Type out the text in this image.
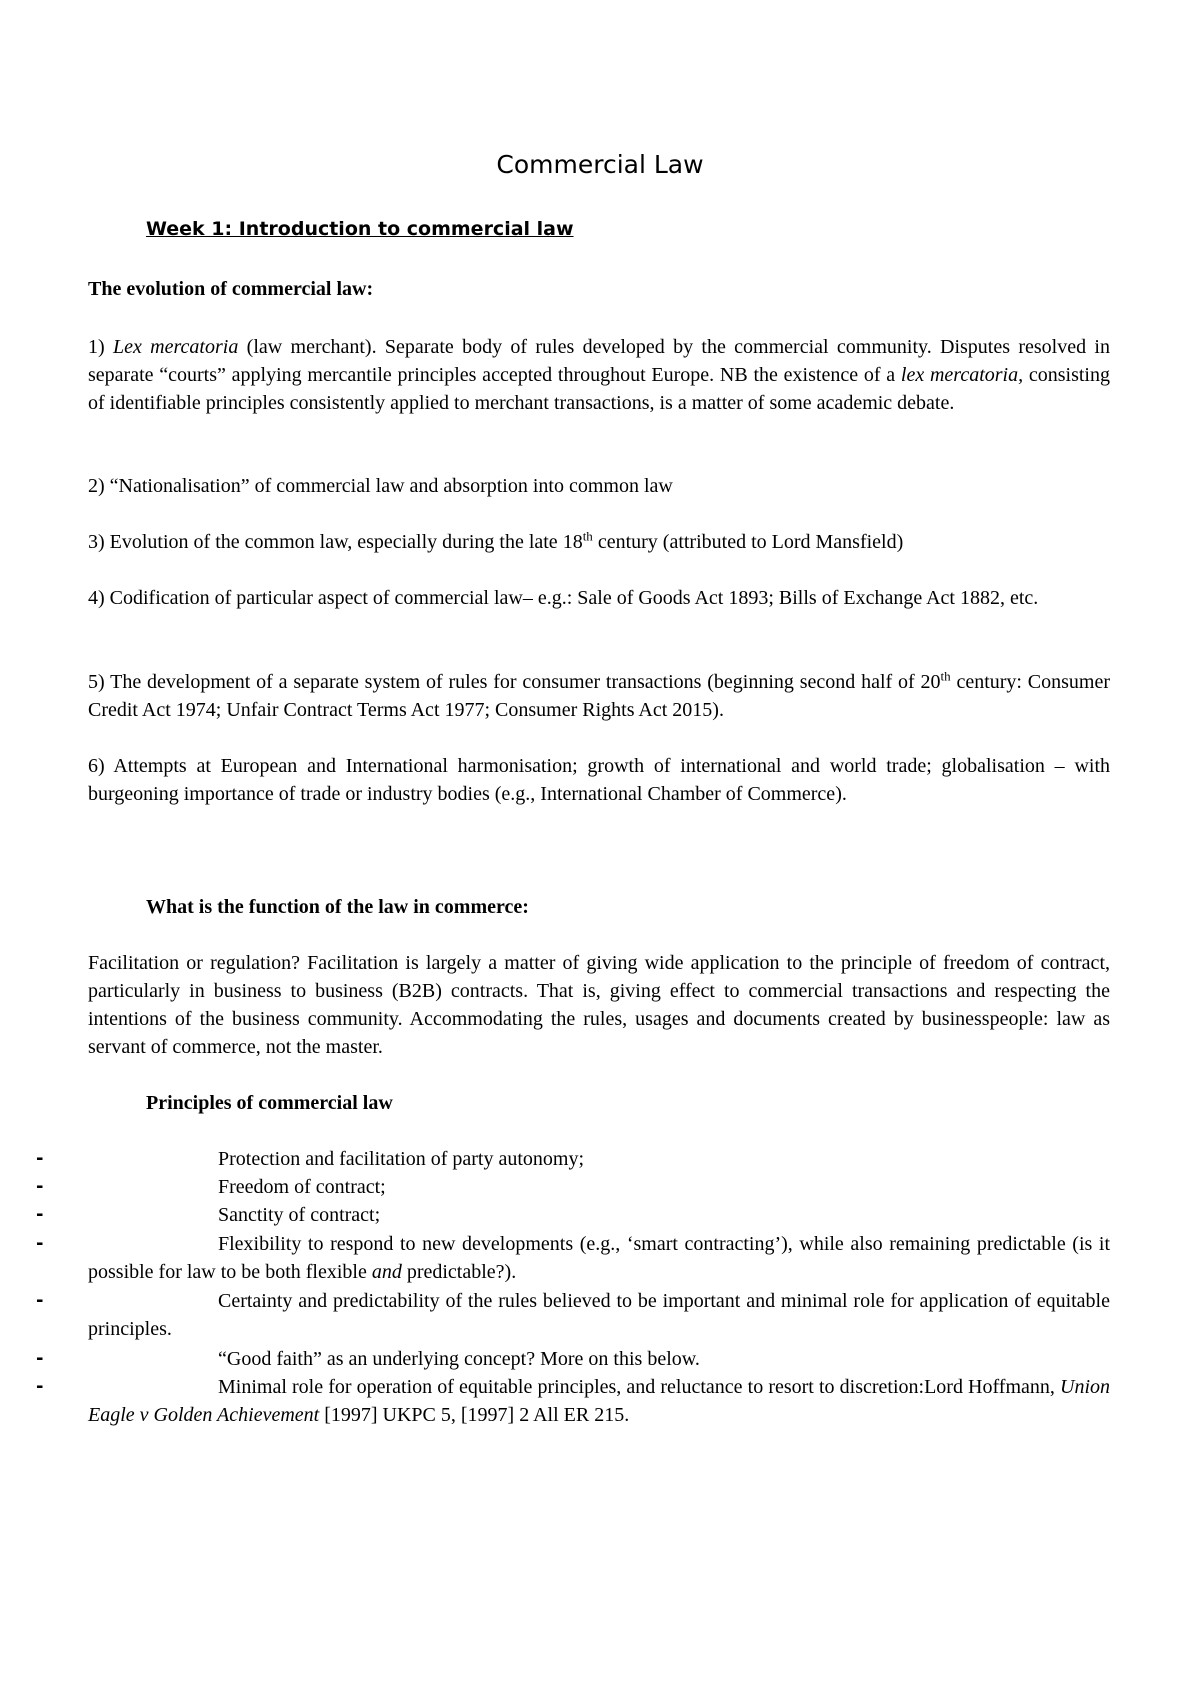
Commercial Law
Week 1: Introduction to commercial law
The evolution of commercial law:

1) Lex mercatoria (law merchant). Separate body of rules developed by the commercial community. Disputes resolved in separate “courts” applying mercantile principles accepted throughout Europe. NB the existence of a lex mercatoria, consisting of identifiable principles consistently applied to merchant transactions, is a matter of some academic debate.

2) “Nationalisation” of commercial law and absorption into common law

3) Evolution of the common law, especially during the late 18th century (attributed to Lord Mansfield)

4) Codification of particular aspect of commercial law– e.g.: Sale of Goods Act 1893; Bills of Exchange Act 1882, etc.

5) The development of a separate system of rules for consumer transactions (beginning second half of 20th century: Consumer Credit Act 1974; Unfair Contract Terms Act 1977; Consumer Rights Act 2015).

6) Attempts at European and International harmonisation; growth of international and world trade; globalisation – with burgeoning importance of trade or industry bodies (e.g., International Chamber of Commerce).

What is the function of the law in commerce:

Facilitation or regulation? Facilitation is largely a matter of giving wide application to the principle of freedom of contract, particularly in business to business (B2B) contracts. That is, giving effect to commercial transactions and respecting the intentions of the business community. Accommodating the rules, usages and documents created by businesspeople: law as servant of commerce, not the master.

Principles of commercial law
-	Protection and facilitation of party autonomy;
-	Freedom of contract;
-	Sanctity of contract;
-	Flexibility to respond to new developments (e.g., ‘smart contracting’), while also remaining predictable (is it possible for law to be both flexible and predictable?).
-	Certainty and predictability of the rules believed to be important and minimal role for application of equitable principles.
-	“Good faith” as an underlying concept? More on this below.
-	Minimal role for operation of equitable principles, and reluctance to resort to discretion:Lord Hoffmann, Union Eagle v Golden Achievement [1997] UKPC 5, [1997] 2 All ER 215.
